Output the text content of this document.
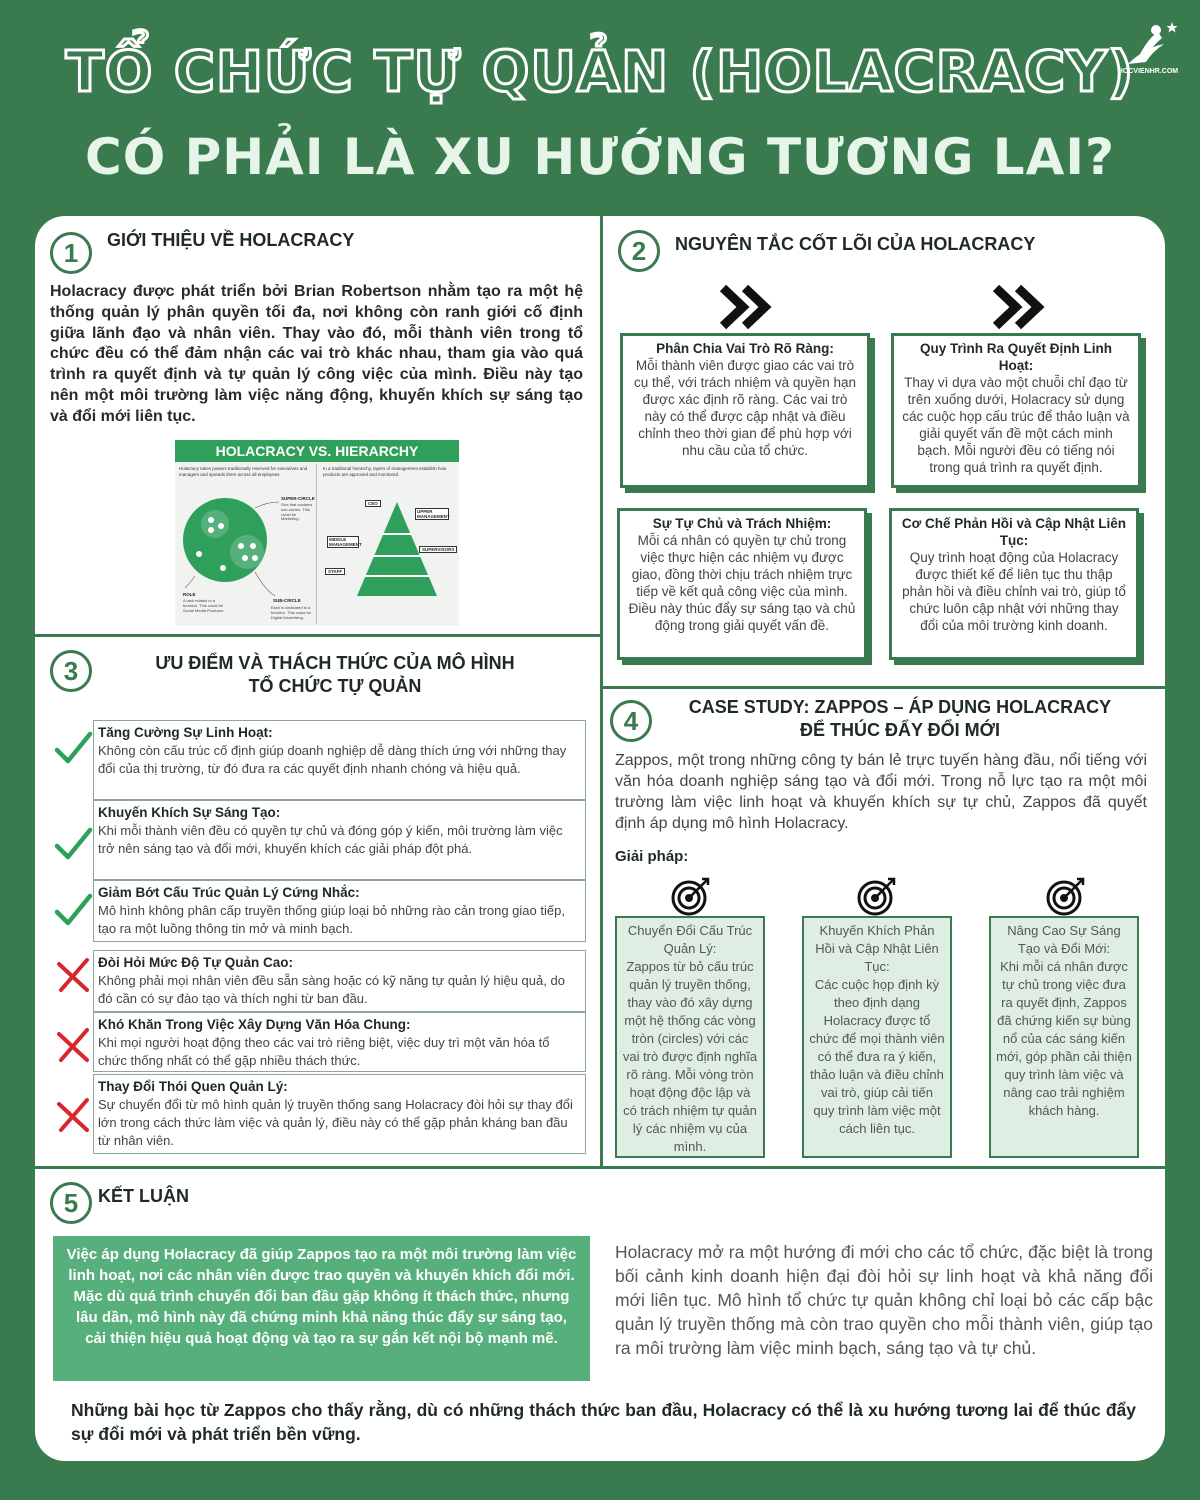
TỔ CHỨC TỰ QUẢN (HOLACRACY)
CÓ PHẢI LÀ XU HƯỚNG TƯƠNG LAI?
HOCVIENHR.COM
1	GIỚI THIỆU VỀ HOLACRACY
Holacracy được phát triển bởi Brian Robertson nhằm tạo ra một hệ thống quản lý phân quyền tối đa, nơi không còn ranh giới cố định giữa lãnh đạo và nhân viên. Thay vào đó, mỗi thành viên trong tổ chức đều có thể đảm nhận các vai trò khác nhau, tham gia vào quá trình ra quyết định và tự quản lý công việc của mình. Điều này tạo nên một môi trường làm việc năng động, khuyến khích sự sáng tạo và đổi mới liên tục.
HOLACRACY VS. HIERARCHY
Holacracy takes powers traditionally reserved for executives and managers and spreads them across all employees.
In a traditional hierarchy, layers of management establish how products are approved and monitored.
SUPER-CIRCLE
One that contains sub-circles. This could be Marketing.
ROLE
A task related to a function. This could be Social Media Producer.
SUB-CIRCLE
Each is dedicated to a function. This could be Digital Advertising.
CEO
UPPER MANAGEMENT
MIDDLE MANAGEMENT
SUPERVISORS
STAFF
2	NGUYÊN TẮC CỐT LÕI CỦA HOLACRACY
Phân Chia Vai Trò Rõ Ràng:
Mỗi thành viên được giao các vai trò cụ thể, với trách nhiệm và quyền hạn được xác định rõ ràng. Các vai trò này có thể được cập nhật và điều chỉnh theo thời gian để phù hợp với nhu cầu của tổ chức.
Quy Trình Ra Quyết Định Linh Hoạt:
Thay vì dựa vào một chuỗi chỉ đạo từ trên xuống dưới, Holacracy sử dụng các cuộc họp cấu trúc để thảo luận và giải quyết vấn đề một cách minh bạch. Mỗi người đều có tiếng nói trong quá trình ra quyết định.
Sự Tự Chủ và Trách Nhiệm:
Mỗi cá nhân có quyền tự chủ trong việc thực hiện các nhiệm vụ được giao, đồng thời chịu trách nhiệm trực tiếp về kết quả công việc của mình. Điều này thúc đẩy sự sáng tạo và chủ động trong giải quyết vấn đề.
Cơ Chế Phản Hồi và Cập Nhật Liên Tục:
Quy trình hoạt động của Holacracy được thiết kế để liên tục thu thập phản hồi và điều chỉnh vai trò, giúp tổ chức luôn cập nhật với những thay đổi của môi trường kinh doanh.
3	ƯU ĐIỂM VÀ THÁCH THỨC CỦA MÔ HÌNH
TỔ CHỨC TỰ QUẢN
Tăng Cường Sự Linh Hoạt:
Không còn cấu trúc cố định giúp doanh nghiệp dễ dàng thích ứng với những thay đổi của thị trường, từ đó đưa ra các quyết định nhanh chóng và hiệu quả.
Khuyến Khích Sự Sáng Tạo:
Khi mỗi thành viên đều có quyền tự chủ và đóng góp ý kiến, môi trường làm việc trở nên sáng tạo và đổi mới, khuyến khích các giải pháp đột phá.
Giảm Bớt Cấu Trúc Quản Lý Cứng Nhắc:
Mô hình không phân cấp truyền thống giúp loại bỏ những rào cản trong giao tiếp, tạo ra một luồng thông tin mở và minh bạch.
Đòi Hỏi Mức Độ Tự Quản Cao:
Không phải mọi nhân viên đều sẵn sàng hoặc có kỹ năng tự quản lý hiệu quả, do đó cần có sự đào tạo và thích nghi từ ban đầu.
Khó Khăn Trong Việc Xây Dựng Văn Hóa Chung:
Khi mọi người hoạt động theo các vai trò riêng biệt, việc duy trì một văn hóa tổ chức thống nhất có thể gặp nhiều thách thức.
Thay Đổi Thói Quen Quản Lý:
Sự chuyển đổi từ mô hình quản lý truyền thống sang Holacracy đòi hỏi sự thay đổi lớn trong cách thức làm việc và quản lý, điều này có thể gặp phản kháng ban đầu từ nhân viên.
4	CASE STUDY: ZAPPOS – ÁP DỤNG HOLACRACY
ĐỂ THÚC ĐẨY ĐỔI MỚI
Zappos, một trong những công ty bán lẻ trực tuyến hàng đầu, nổi tiếng với văn hóa doanh nghiệp sáng tạo và đổi mới. Trong nỗ lực tạo ra một môi trường làm việc linh hoạt và khuyến khích sự tự chủ, Zappos đã quyết định áp dụng mô hình Holacracy.
Giải pháp:
Chuyển Đổi Cấu Trúc Quản Lý:
Zappos từ bỏ cấu trúc quản lý truyền thống, thay vào đó xây dựng một hệ thống các vòng tròn (circles) với các vai trò được định nghĩa rõ ràng. Mỗi vòng tròn hoạt động độc lập và có trách nhiệm tự quản lý các nhiệm vụ của mình.
Khuyến Khích Phản Hồi và Cập Nhật Liên Tục:
Các cuộc họp định kỳ theo định dạng Holacracy được tổ chức để mọi thành viên có thể đưa ra ý kiến, thảo luận và điều chỉnh vai trò, giúp cải tiến quy trình làm việc một cách liên tục.
Nâng Cao Sự Sáng Tạo và Đổi Mới:
Khi mỗi cá nhân được tự chủ trong việc đưa ra quyết định, Zappos đã chứng kiến sự bùng nổ của các sáng kiến mới, góp phần cải thiện quy trình làm việc và nâng cao trải nghiệm khách hàng.
5	KẾT LUẬN
Việc áp dụng Holacracy đã giúp Zappos tạo ra một môi trường làm việc linh hoạt, nơi các nhân viên được trao quyền và khuyến khích đổi mới. Mặc dù quá trình chuyển đổi ban đầu gặp không ít thách thức, nhưng lâu dần, mô hình này đã chứng minh khả năng thúc đẩy sự sáng tạo, cải thiện hiệu quả hoạt động và tạo ra sự gắn kết nội bộ mạnh mẽ.
Holacracy mở ra một hướng đi mới cho các tổ chức, đặc biệt là trong bối cảnh kinh doanh hiện đại đòi hỏi sự linh hoạt và khả năng đổi mới liên tục. Mô hình tổ chức tự quản không chỉ loại bỏ các cấp bậc quản lý truyền thống mà còn trao quyền cho mỗi thành viên, giúp tạo ra môi trường làm việc minh bạch, sáng tạo và tự chủ.
Những bài học từ Zappos cho thấy rằng, dù có những thách thức ban đầu, Holacracy có thể là xu hướng tương lai để thúc đẩy sự đổi mới và phát triển bền vững.
